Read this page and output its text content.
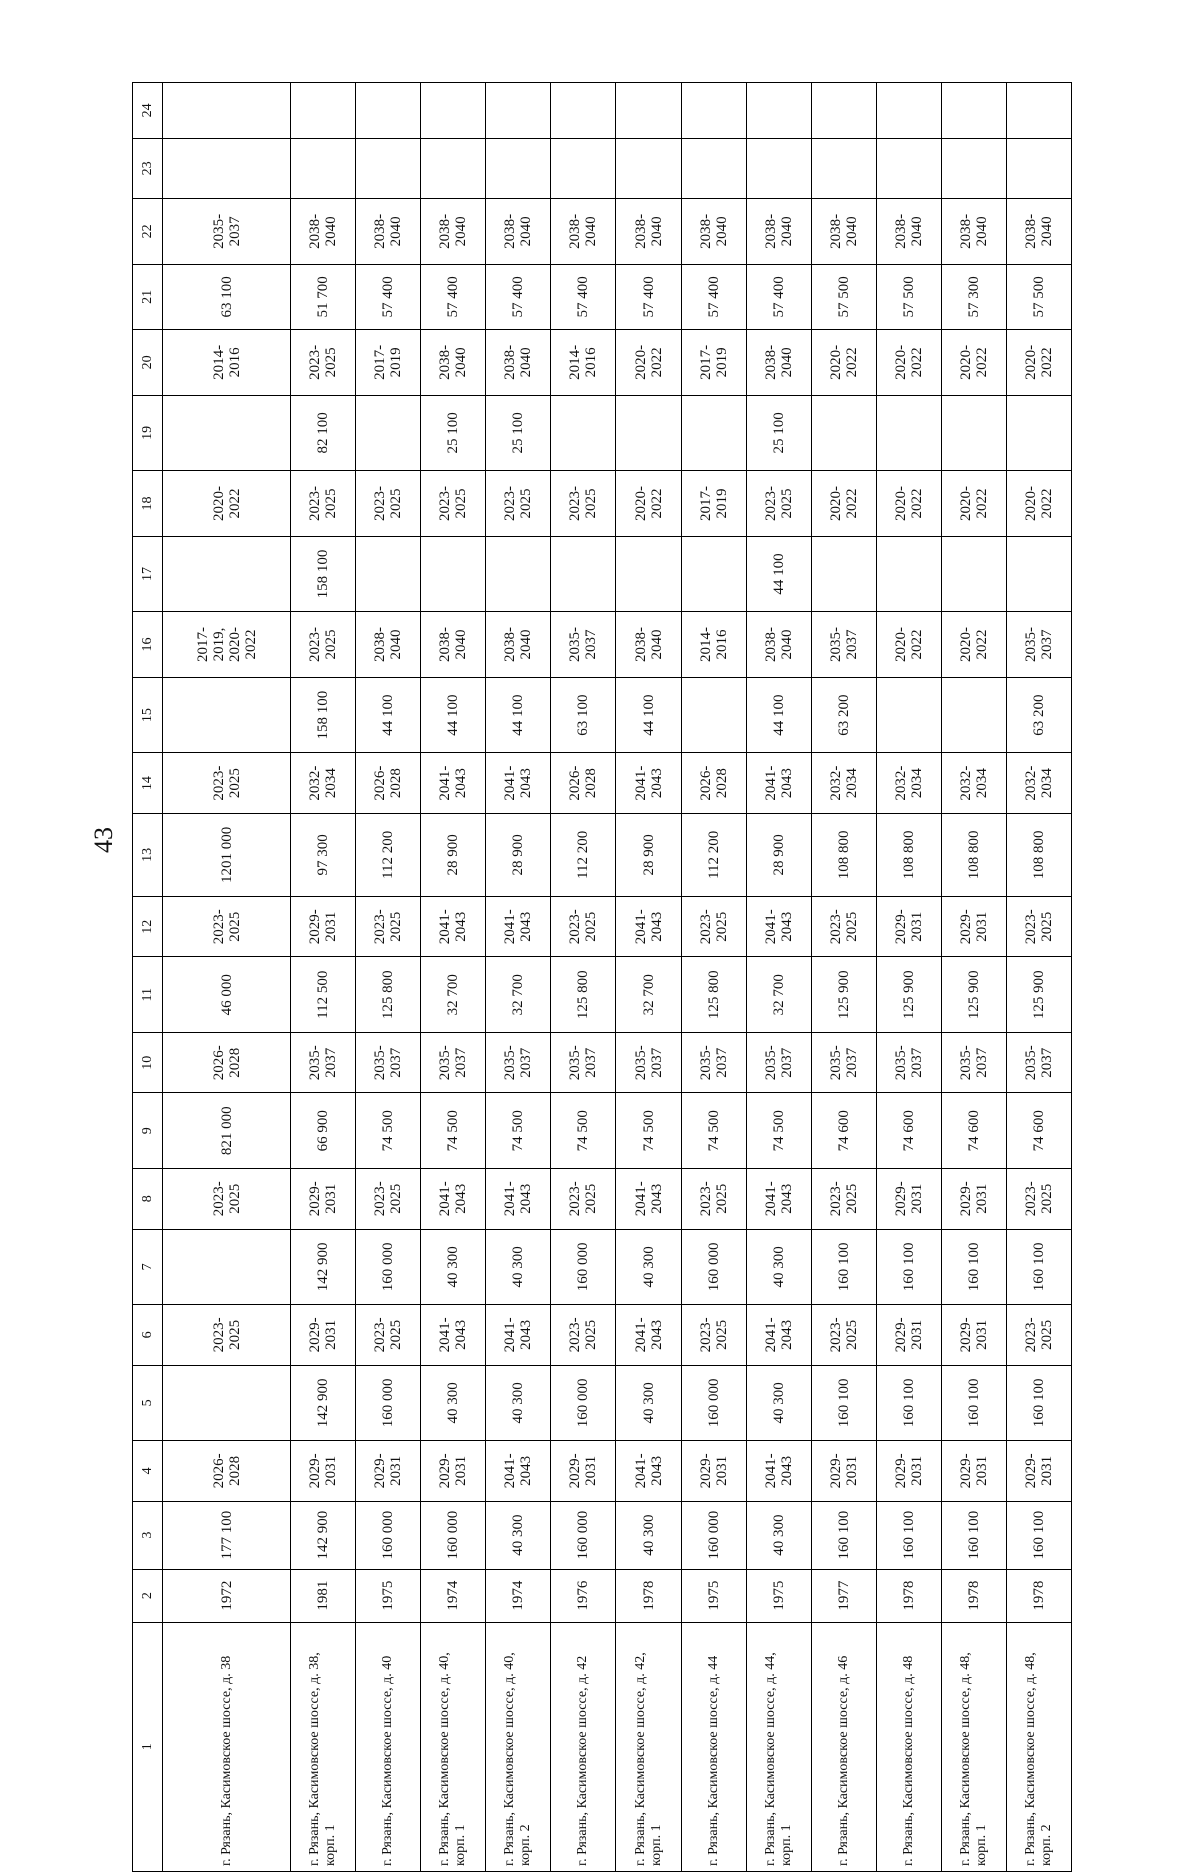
43
1	2	3	4	5	6	7	8	9	10	11	12	13	14	15	16	17	18	19	20	21	22	23	24
г. Рязань, Касимовское шоссе, д. 38	1972	177 100	2026-2028		2023-2025		2023-2025	821 000	2026-2028	46 000	2023-2025	1201 000	2023-2025		2017-2019, 2020-2022		2020-2022		2014-2016	63 100	2035-2037		
г. Рязань, Касимовское шоссе, д. 38, корп. 1	1981	142 900	2029-2031	142 900	2029-2031	142 900	2029-2031	66 900	2035-2037	112 500	2029-2031	97 300	2032-2034	158 100	2023-2025	158 100	2023-2025	82 100	2023-2025	51 700	2038-2040		
г. Рязань, Касимовское шоссе, д. 40	1975	160 000	2029-2031	160 000	2023-2025	160 000	2023-2025	74 500	2035-2037	125 800	2023-2025	112 200	2026-2028	44 100	2038-2040		2023-2025		2017-2019	57 400	2038-2040		
г. Рязань, Касимовское шоссе, д. 40, корп. 1	1974	160 000	2029-2031	40 300	2041-2043	40 300	2041-2043	74 500	2035-2037	32 700	2041-2043	28 900	2041-2043	44 100	2038-2040		2023-2025	25 100	2038-2040	57 400	2038-2040		
г. Рязань, Касимовское шоссе, д. 40, корп. 2	1974	40 300	2041-2043	40 300	2041-2043	40 300	2041-2043	74 500	2035-2037	32 700	2041-2043	28 900	2041-2043	44 100	2038-2040		2023-2025	25 100	2038-2040	57 400	2038-2040		
г. Рязань, Касимовское шоссе, д. 42	1976	160 000	2029-2031	160 000	2023-2025	160 000	2023-2025	74 500	2035-2037	125 800	2023-2025	112 200	2026-2028	63 100	2035-2037		2023-2025		2014-2016	57 400	2038-2040		
г. Рязань, Касимовское шоссе, д. 42, корп. 1	1978	40 300	2041-2043	40 300	2041-2043	40 300	2041-2043	74 500	2035-2037	32 700	2041-2043	28 900	2041-2043	44 100	2038-2040		2020-2022		2020-2022	57 400	2038-2040		
г. Рязань, Касимовское шоссе, д. 44	1975	160 000	2029-2031	160 000	2023-2025	160 000	2023-2025	74 500	2035-2037	125 800	2023-2025	112 200	2026-2028		2014-2016		2017-2019		2017-2019	57 400	2038-2040		
г. Рязань, Касимовское шоссе, д. 44, корп. 1	1975	40 300	2041-2043	40 300	2041-2043	40 300	2041-2043	74 500	2035-2037	32 700	2041-2043	28 900	2041-2043	44 100	2038-2040	44 100	2023-2025	25 100	2038-2040	57 400	2038-2040		
г. Рязань, Касимовское шоссе, д. 46	1977	160 100	2029-2031	160 100	2023-2025	160 100	2023-2025	74 600	2035-2037	125 900	2023-2025	108 800	2032-2034	63 200	2035-2037		2020-2022		2020-2022	57 500	2038-2040		
г. Рязань, Касимовское шоссе, д. 48	1978	160 100	2029-2031	160 100	2029-2031	160 100	2029-2031	74 600	2035-2037	125 900	2029-2031	108 800	2032-2034		2020-2022		2020-2022		2020-2022	57 500	2038-2040		
г. Рязань, Касимовское шоссе, д. 48, корп. 1	1978	160 100	2029-2031	160 100	2029-2031	160 100	2029-2031	74 600	2035-2037	125 900	2029-2031	108 800	2032-2034		2020-2022		2020-2022		2020-2022	57 300	2038-2040		
г. Рязань, Касимовское шоссе, д. 48, корп. 2	1978	160 100	2029-2031	160 100	2023-2025	160 100	2023-2025	74 600	2035-2037	125 900	2023-2025	108 800	2032-2034	63 200	2035-2037		2020-2022		2020-2022	57 500	2038-2040		
